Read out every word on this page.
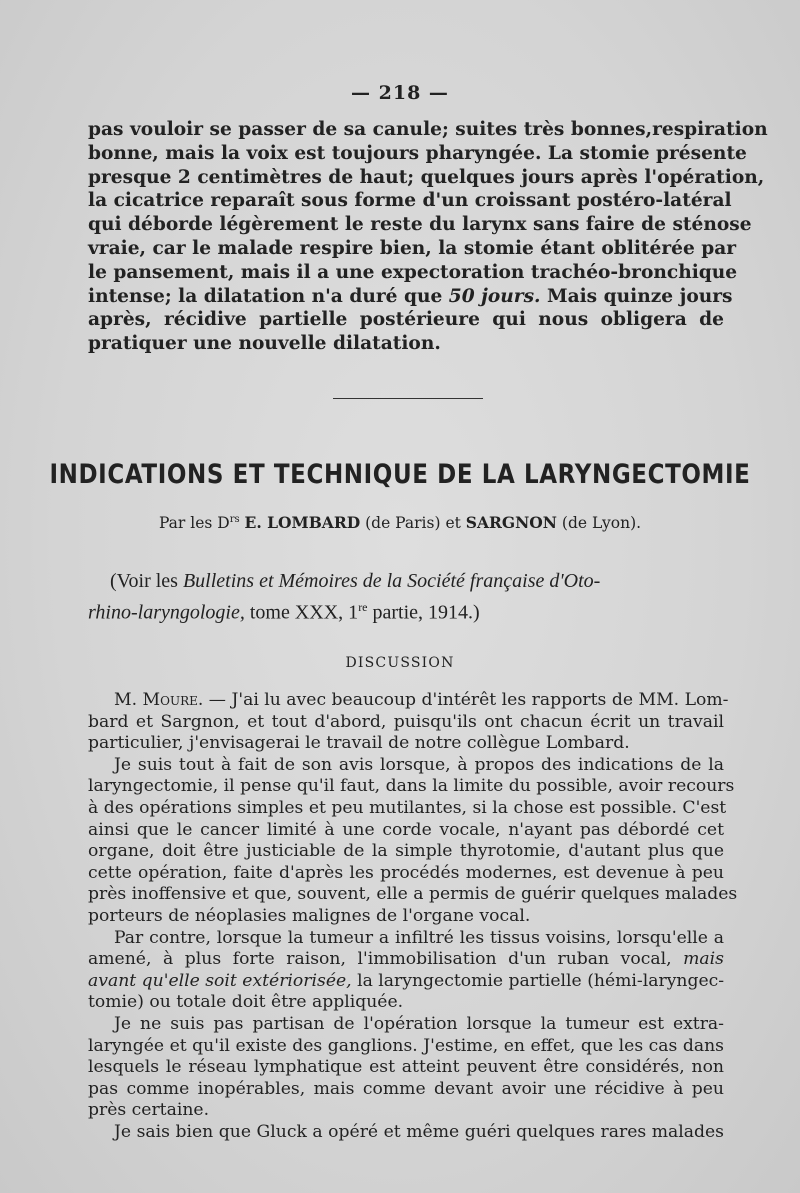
— 218 —
pas vouloir se passer de sa canule; suites très bonnes,respiration
bonne, mais la voix est toujours pharyngée. La stomie présente
presque 2 centimètres de haut; quelques jours après l'opération,
la cicatrice reparaît sous forme d'un croissant postéro-latéral
qui déborde légèrement le reste du larynx sans faire de sténose
vraie, car le malade respire bien, la stomie étant oblitérée par
le pansement, mais il a une expectoration trachéo-bronchique
intense; la dilatation n'a duré que 50 jours. Mais quinze jours
après, récidive partielle postérieure qui nous obligera de
pratiquer une nouvelle dilatation.
INDICATIONS ET TECHNIQUE DE LA LARYNGECTOMIE
Par les $D^{rs}$ E. LOMBARD (de Paris) et SARGNON (de Lyon).
(Voir les Bulletins et Mémoires de la Société française d'Oto-
rhino-laryngologie, tome XXX, 1re partie, 1914.)
DISCUSSION
M. Moure. — J'ai lu avec beaucoup d'intérêt les rapports de MM. Lom-
bard et Sargnon, et tout d'abord, puisqu'ils ont chacun écrit un travail
particulier, j'envisagerai le travail de notre collègue Lombard.
Je suis tout à fait de son avis lorsque, à propos des indications de la
laryngectomie, il pense qu'il faut, dans la limite du possible, avoir recours
à des opérations simples et peu mutilantes, si la chose est possible. C'est
ainsi que le cancer limité à une corde vocale, n'ayant pas débordé cet
organe, doit être justiciable de la simple thyrotomie, d'autant plus que
cette opération, faite d'après les procédés modernes, est devenue à peu
près inoffensive et que, souvent, elle a permis de guérir quelques malades
porteurs de néoplasies malignes de l'organe vocal.
Par contre, lorsque la tumeur a infiltré les tissus voisins, lorsqu'elle a
amené, à plus forte raison, l'immobilisation d'un ruban vocal, mais
avant qu'elle soit extériorisée, la laryngectomie partielle (hémi-laryngec-
tomie) ou totale doit être appliquée.
Je ne suis pas partisan de l'opération lorsque la tumeur est extra-
laryngée et qu'il existe des ganglions. J'estime, en effet, que les cas dans
lesquels le réseau lymphatique est atteint peuvent être considérés, non
pas comme inopérables, mais comme devant avoir une récidive à peu
près certaine.
Je sais bien que Gluck a opéré et même guéri quelques rares malades
